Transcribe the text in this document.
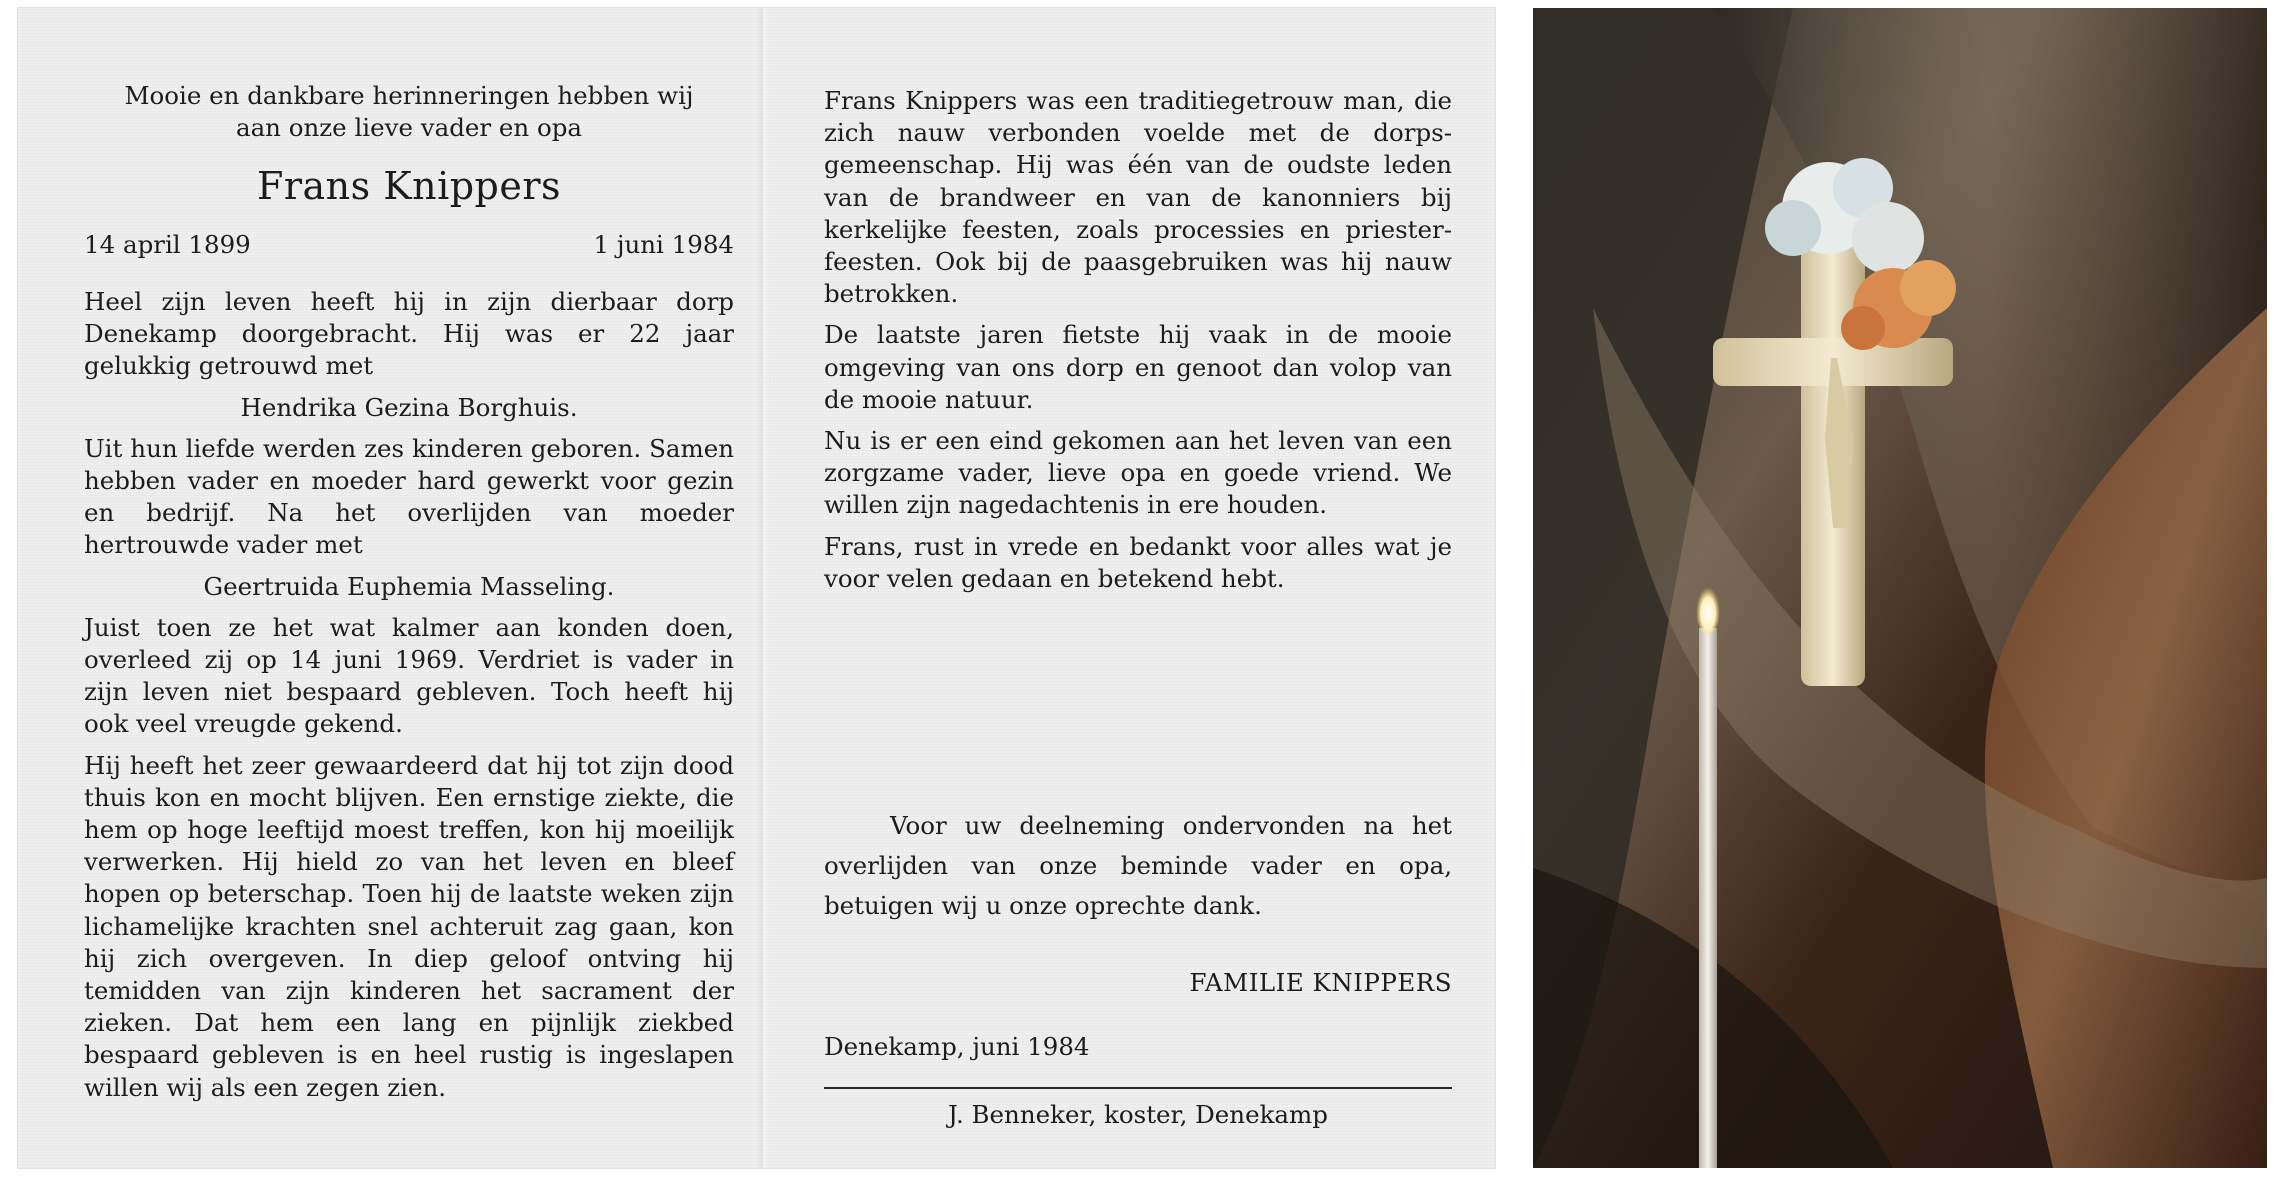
Mooie en dankbare herinneringen hebben wij

aan onze lieve vader en opa

Frans Knippers
14 april 1899	1 juni 1984

Heel zijn leven heeft hij in zijn dierbaar dorp Denekamp doorgebracht. Hij was er 22 jaar gelukkig getrouwd met

Hendrika Gezina Borghuis.

Uit hun liefde werden zes kinderen geboren. Samen hebben vader en moeder hard gewerkt voor gezin en bedrijf. Na het overlijden van moeder hertrouwde vader met

Geertruida Euphemia Masseling.

Juist toen ze het wat kalmer aan konden doen, overleed zij op 14 juni 1969. Verdriet is vader in zijn leven niet bespaard gebleven. Toch heeft hij ook veel vreugde gekend.

Hij heeft het zeer gewaardeerd dat hij tot zijn dood thuis kon en mocht blijven. Een ernstige ziekte, die hem op hoge leeftijd moest treffen, kon hij moeilijk verwerken. Hij hield zo van het leven en bleef hopen op beterschap. Toen hij de laatste weken zijn lichamelijke krachten snel achteruit zag gaan, kon hij zich overgeven. In diep geloof ontving hij temidden van zijn kinderen het sacrament der zieken. Dat hem een lang en pijnlijk ziekbed bespaard gebleven is en heel rustig is ingeslapen willen wij als een zegen zien.

Frans Knippers was een traditiegetrouw man, die zich nauw verbonden voelde met de dorpsgemeenschap. Hij was één van de oudste leden van de brandweer en van de kanonniers bij kerkelijke feesten, zoals processies en priesterfeesten. Ook bij de paasgebruiken was hij nauw betrokken.

De laatste jaren fietste hij vaak in de mooie omgeving van ons dorp en genoot dan volop van de mooie natuur.

Nu is er een eind gekomen aan het leven van een zorgzame vader, lieve opa en goede vriend. We willen zijn nagedachtenis in ere houden.

Frans, rust in vrede en bedankt voor alles wat je voor velen gedaan en betekend hebt.

Voor uw deelneming ondervonden na het overlijden van onze beminde vader en opa, betuigen wij u onze oprechte dank.

FAMILIE KNIPPERS
Denekamp, juni 1984
J. Benneker, koster, Denekamp
